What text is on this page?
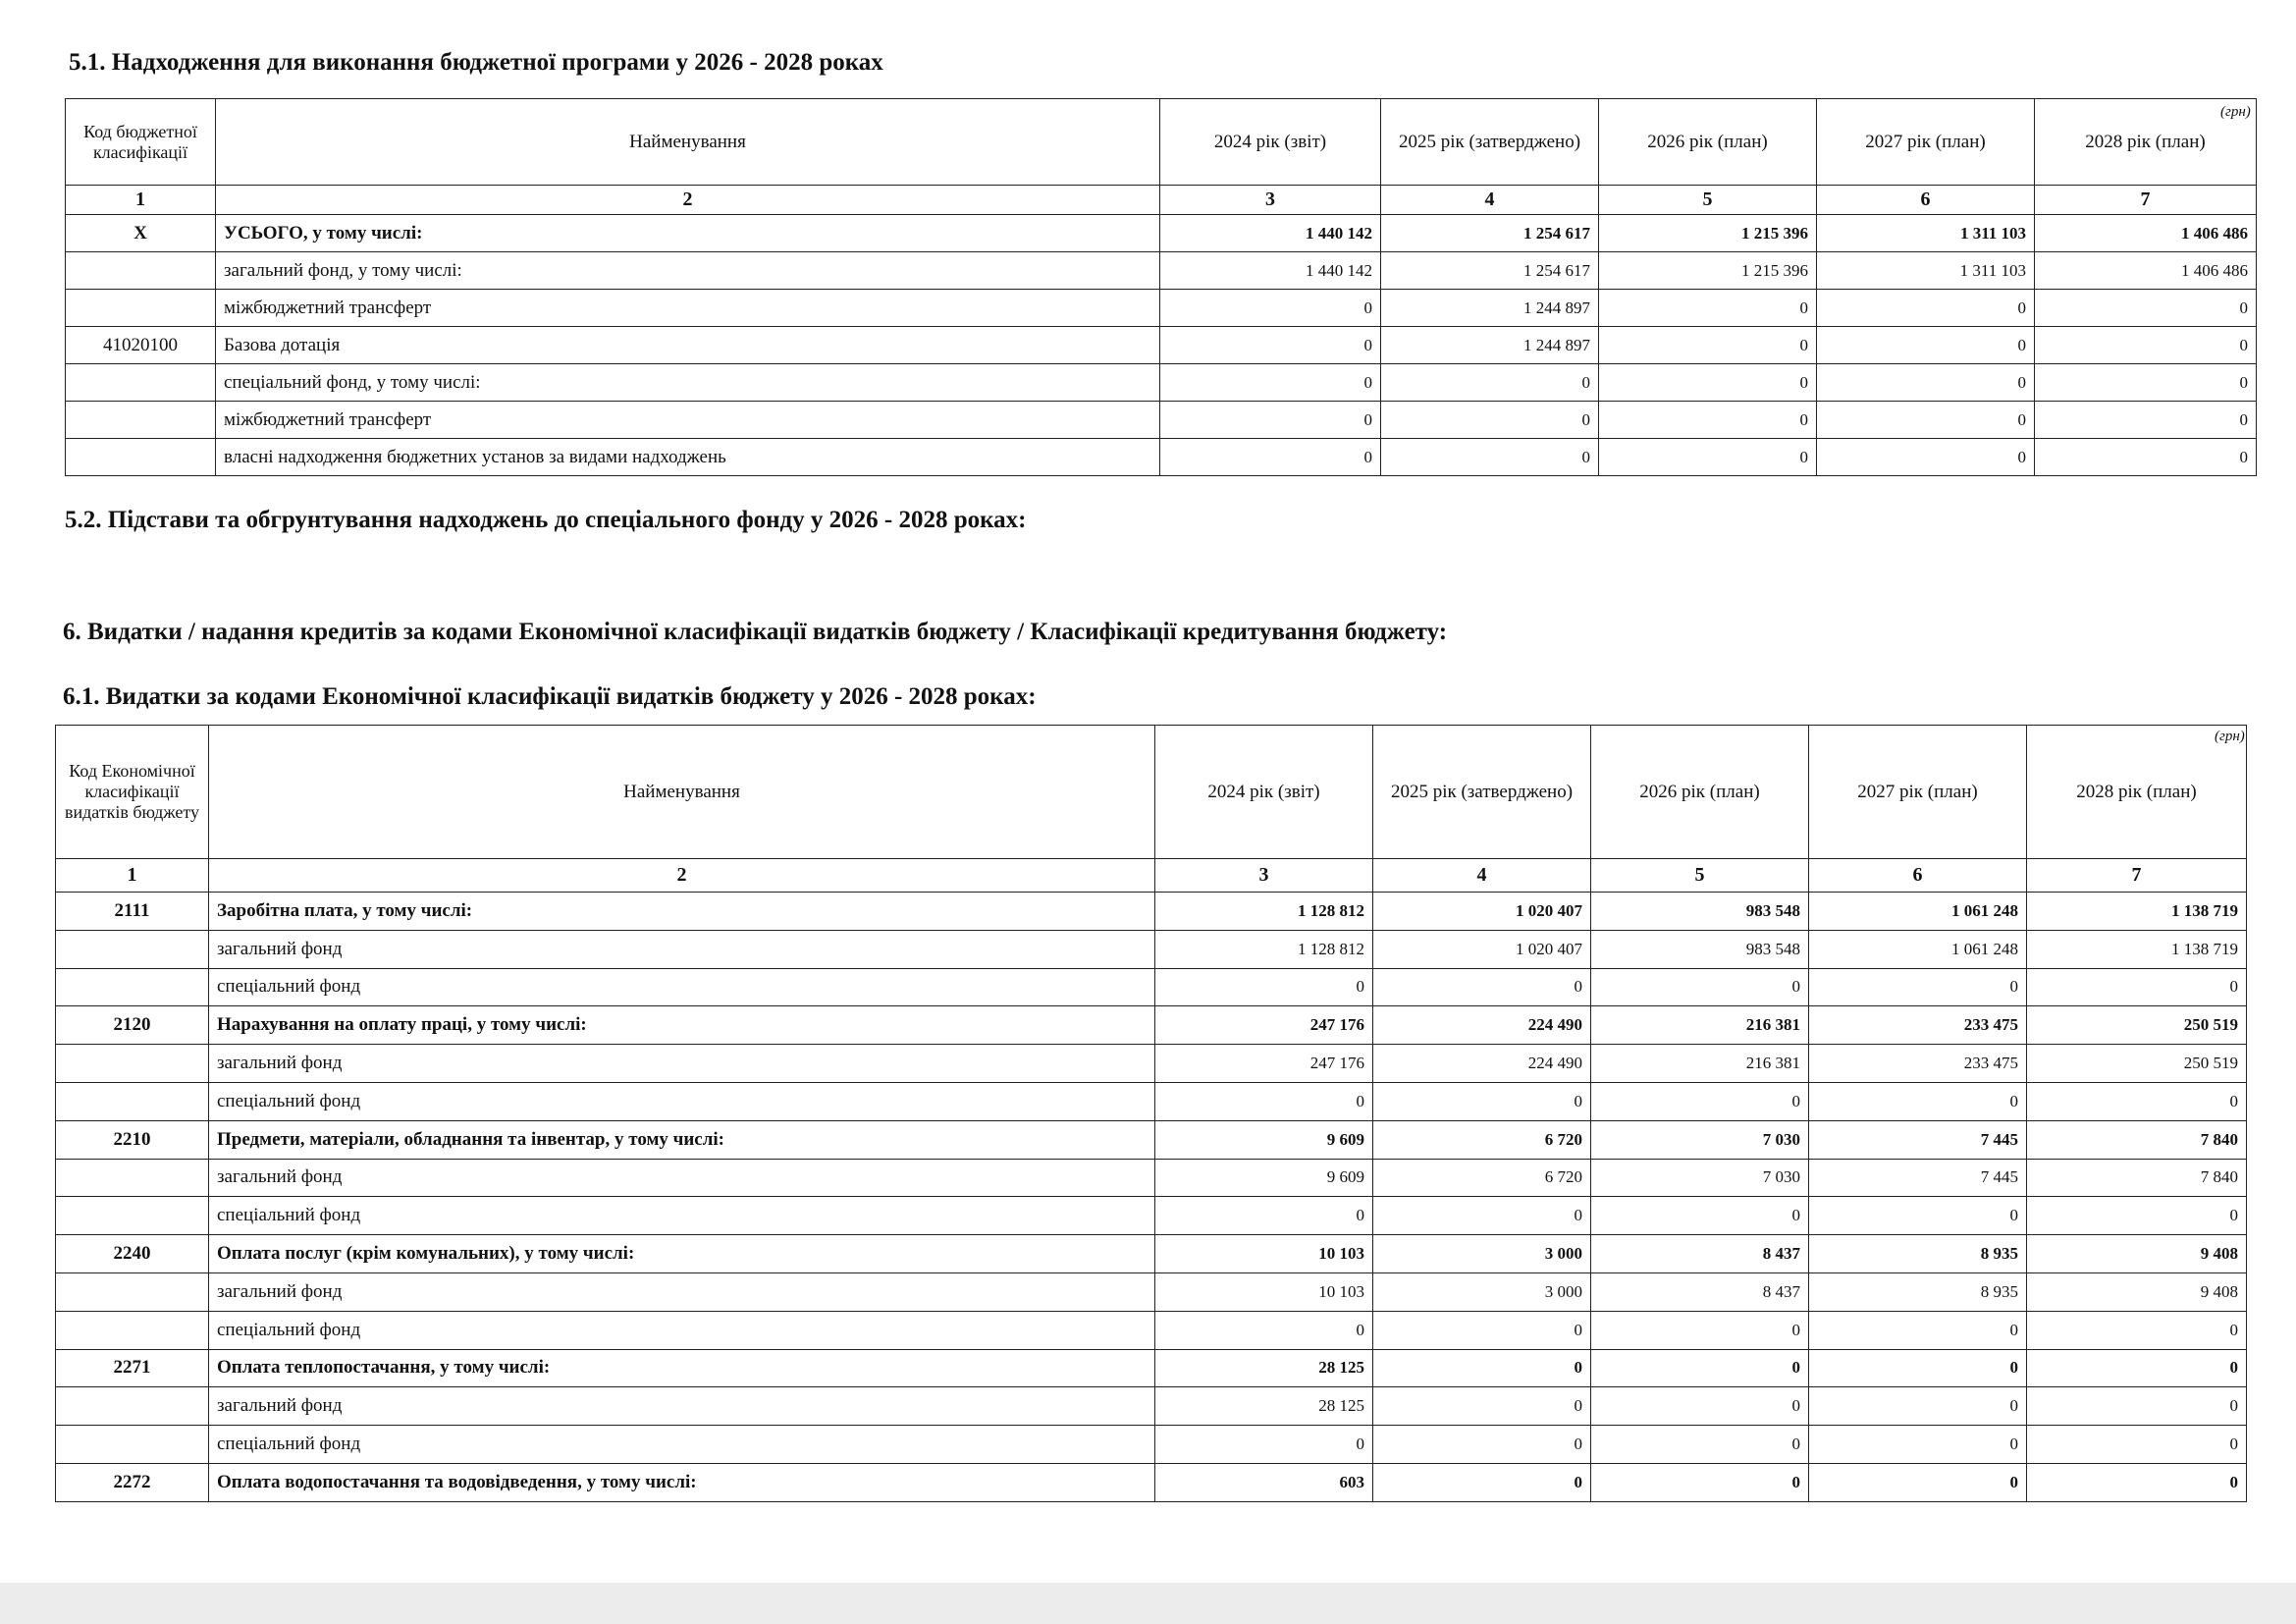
5.1. Надходження для виконання бюджетної програми у 2026 - 2028 роках
(грн)
Код бюджетної класифікації	Найменування	2024 рік (звіт)	2025 рік (затверджено)	2026 рік (план)	2027 рік (план)	2028 рік (план)
1	2	3	4	5	6	7
X	УСЬОГО, у тому числі:	1 440 142	1 254 617	1 215 396	1 311 103	1 406 486
	загальний фонд, у тому числі:	1 440 142	1 254 617	1 215 396	1 311 103	1 406 486
	міжбюджетний трансферт	0	1 244 897	0	0	0
41020100	Базова дотація	0	1 244 897	0	0	0
	спеціальний фонд, у тому числі:	0	0	0	0	0
	міжбюджетний трансферт	0	0	0	0	0
	власні надходження бюджетних установ за видами надходжень	0	0	0	0	0
5.2. Підстави та обгрунтування надходжень до спеціального фонду у 2026 - 2028 роках:
6. Видатки / надання кредитів за кодами Економічної класифікації видатків бюджету / Класифікації кредитування бюджету:
6.1. Видатки за кодами Економічної класифікації видатків бюджету у 2026 - 2028 роках:
(грн)
Код Економічної класифікації видатків бюджету	Найменування	2024 рік (звіт)	2025 рік (затверджено)	2026 рік (план)	2027 рік (план)	2028 рік (план)
1	2	3	4	5	6	7
2111	Заробітна плата, у тому числі:	1 128 812	1 020 407	983 548	1 061 248	1 138 719
	загальний фонд	1 128 812	1 020 407	983 548	1 061 248	1 138 719
	спеціальний фонд	0	0	0	0	0
2120	Нарахування на оплату праці, у тому числі:	247 176	224 490	216 381	233 475	250 519
	загальний фонд	247 176	224 490	216 381	233 475	250 519
	спеціальний фонд	0	0	0	0	0
2210	Предмети, матеріали, обладнання та інвентар, у тому числі:	9 609	6 720	7 030	7 445	7 840
	загальний фонд	9 609	6 720	7 030	7 445	7 840
	спеціальний фонд	0	0	0	0	0
2240	Оплата послуг (крім комунальних), у тому числі:	10 103	3 000	8 437	8 935	9 408
	загальний фонд	10 103	3 000	8 437	8 935	9 408
	спеціальний фонд	0	0	0	0	0
2271	Оплата теплопостачання, у тому числі:	28 125	0	0	0	0
	загальний фонд	28 125	0	0	0	0
	спеціальний фонд	0	0	0	0	0
2272	Оплата водопостачання та водовідведення, у тому числі:	603	0	0	0	0
